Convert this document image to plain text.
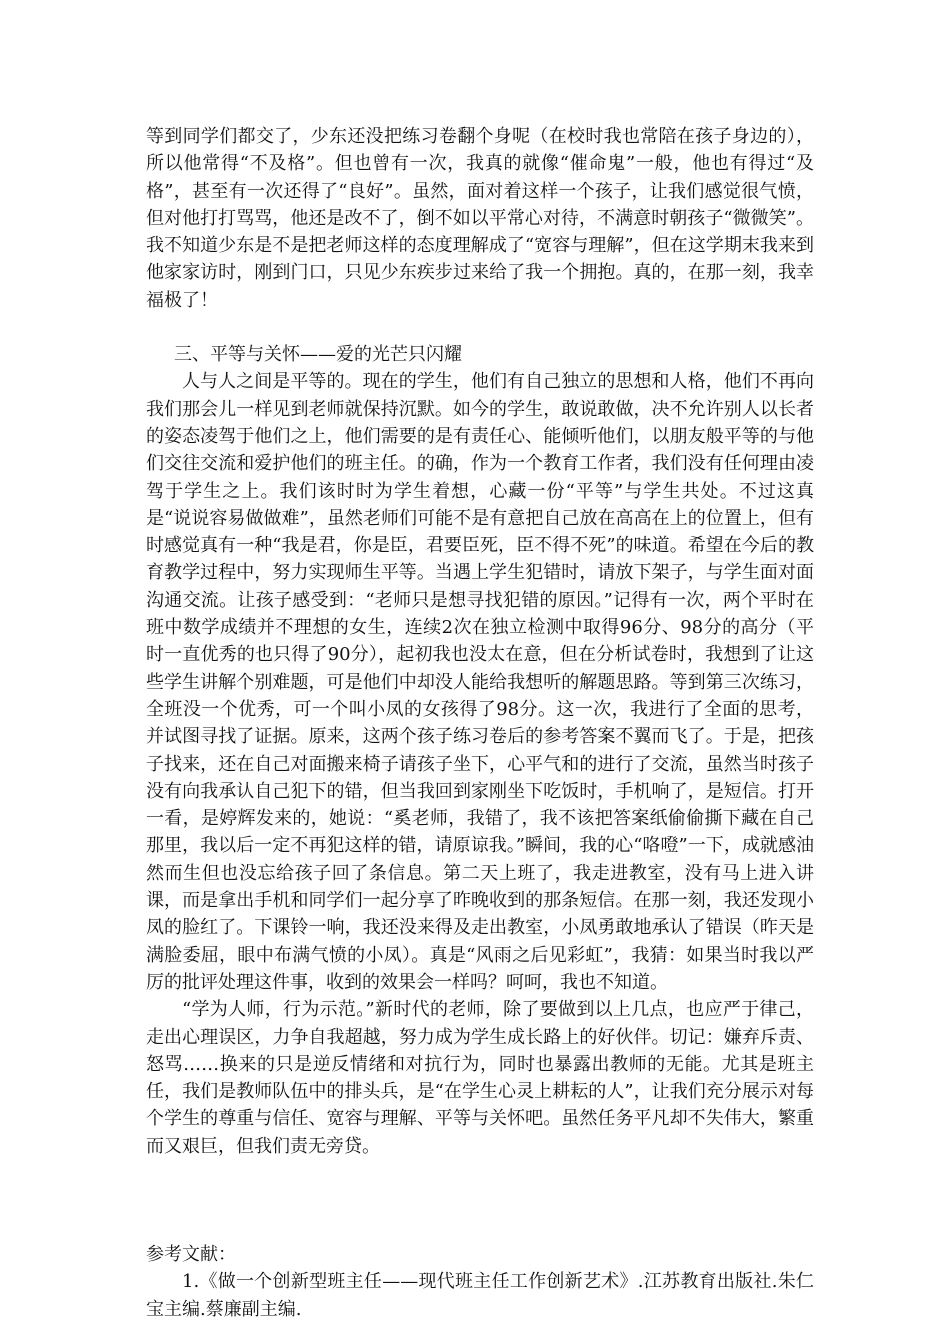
等到同学们都交了，少东还没把练习卷翻个身呢（在校时我也常陪在孩子身边的），所以他常得“不及格”。但也曾有一次，我真的就像“催命鬼”一般，他也有得过“及格”，甚至有一次还得了“良好”。虽然，面对着这样一个孩子，让我们感觉很气愤，但对他打打骂骂，他还是改不了，倒不如以平常心对待，不满意时朝孩子“微微笑”。我不知道少东是不是把老师这样的态度理解成了“宽容与理解”，但在这学期末我来到他家家访时，刚到门口，只见少东疾步过来给了我一个拥抱。真的，在那一刻，我幸福极了！

三、平等与关怀——爱的光芒只闪耀

人与人之间是平等的。现在的学生，他们有自己独立的思想和人格，他们不再向我们那会儿一样见到老师就保持沉默。如今的学生，敢说敢做，决不允许别人以长者的姿态凌驾于他们之上，他们需要的是有责任心、能倾听他们，以朋友般平等的与他们交往交流和爱护他们的班主任。的确，作为一个教育工作者，我们没有任何理由凌驾于学生之上。我们该时时为学生着想，心藏一份“平等”与学生共处。不过这真是“说说容易做做难”，虽然老师们可能不是有意把自己放在高高在上的位置上，但有时感觉真有一种“我是君，你是臣，君要臣死，臣不得不死”的味道。希望在今后的教育教学过程中，努力实现师生平等。当遇上学生犯错时，请放下架子，与学生面对面沟通交流。让孩子感受到：“老师只是想寻找犯错的原因。”记得有一次，两个平时在班中数学成绩并不理想的女生，连续2次在独立检测中取得96分、98分的高分（平时一直优秀的也只得了90分），起初我也没太在意，但在分析试卷时，我想到了让这些学生讲解个别难题，可是他们中却没人能给我想听的解题思路。等到第三次练习，全班没一个优秀，可一个叫小凤的女孩得了98分。这一次，我进行了全面的思考，并试图寻找了证据。原来，这两个孩子练习卷后的参考答案不翼而飞了。于是，把孩子找来，还在自己对面搬来椅子请孩子坐下，心平气和的进行了交流，虽然当时孩子没有向我承认自己犯下的错，但当我回到家刚坐下吃饭时，手机响了，是短信。打开一看，是婷辉发来的，她说：“奚老师，我错了，我不该把答案纸偷偷撕下藏在自己那里，我以后一定不再犯这样的错，请原谅我。”瞬间，我的心“咯噔”一下，成就感油然而生但也没忘给孩子回了条信息。第二天上班了，我走进教室，没有马上进入讲课，而是拿出手机和同学们一起分享了昨晚收到的那条短信。在那一刻，我还发现小凤的脸红了。下课铃一响，我还没来得及走出教室，小凤勇敢地承认了错误（昨天是满脸委屈，眼中布满气愤的小凤）。真是“风雨之后见彩虹”，我猜：如果当时我以严厉的批评处理这件事，收到的效果会一样吗？呵呵，我也不知道。

“学为人师，行为示范。”新时代的老师，除了要做到以上几点，也应严于律己，走出心理误区，力争自我超越，努力成为学生成长路上的好伙伴。切记：嫌弃斥责、怒骂……换来的只是逆反情绪和对抗行为，同时也暴露出教师的无能。尤其是班主任，我们是教师队伍中的排头兵，是“在学生心灵上耕耘的人”，让我们充分展示对每个学生的尊重与信任、宽容与理解、平等与关怀吧。虽然任务平凡却不失伟大，繁重而又艰巨，但我们责无旁贷。

参考文献：

1.《做一个创新型班主任——现代班主任工作创新艺术》.江苏教育出版社.朱仁宝主编.蔡廉副主编.
